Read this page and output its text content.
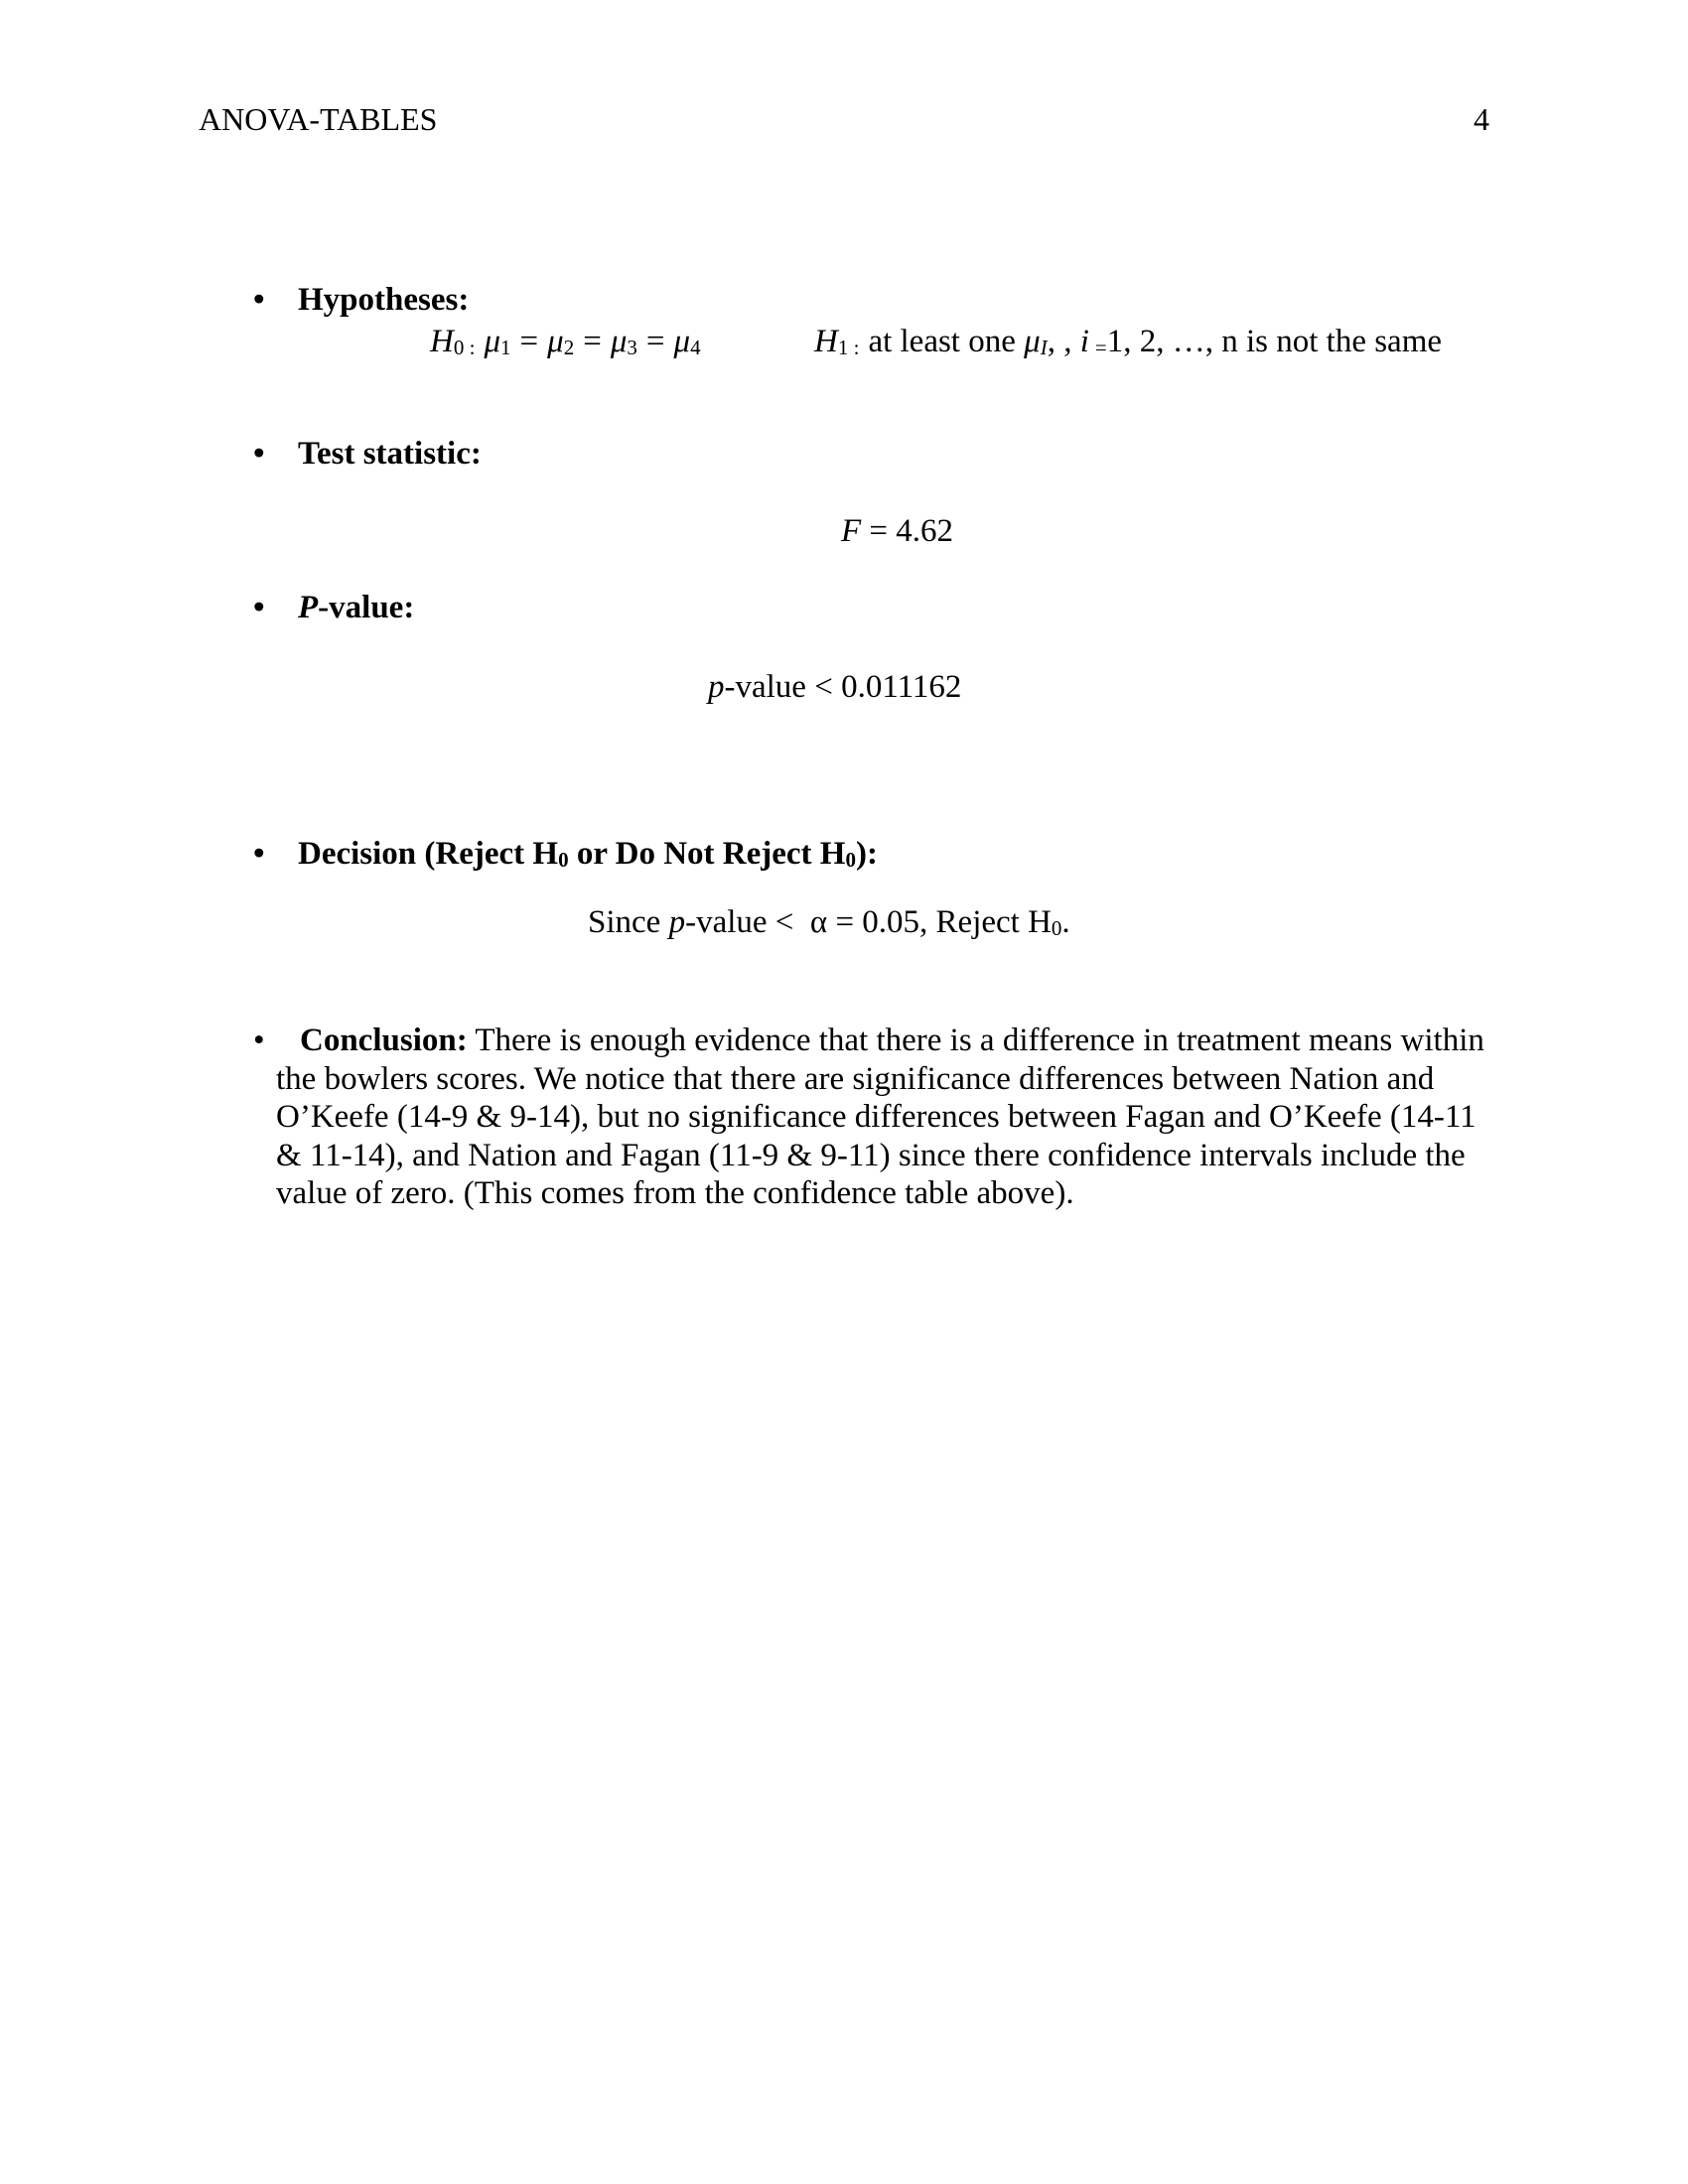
ANOVA-TABLES	4
• Hypotheses:
H0 : μ1 = μ2 = μ3 = μ4	H1 : at least one μI, , i =1, 2, …, n is not the same
• Test statistic:
F = 4.62
• P-value:
p-value < 0.011162
• Decision (Reject H0 or Do Not Reject H0):
Since p-value <  α = 0.05, Reject H0.
•	Conclusion: There is enough evidence that there is a difference in treatment means within the bowlers scores. We notice that there are significance differences between Nation and O’Keefe (14-9 & 9-14), but no significance differences between Fagan and O’Keefe (14-11 & 11-14), and Nation and Fagan (11-9 & 9-11) since there confidence intervals include the value of zero. (This comes from the confidence table above).
